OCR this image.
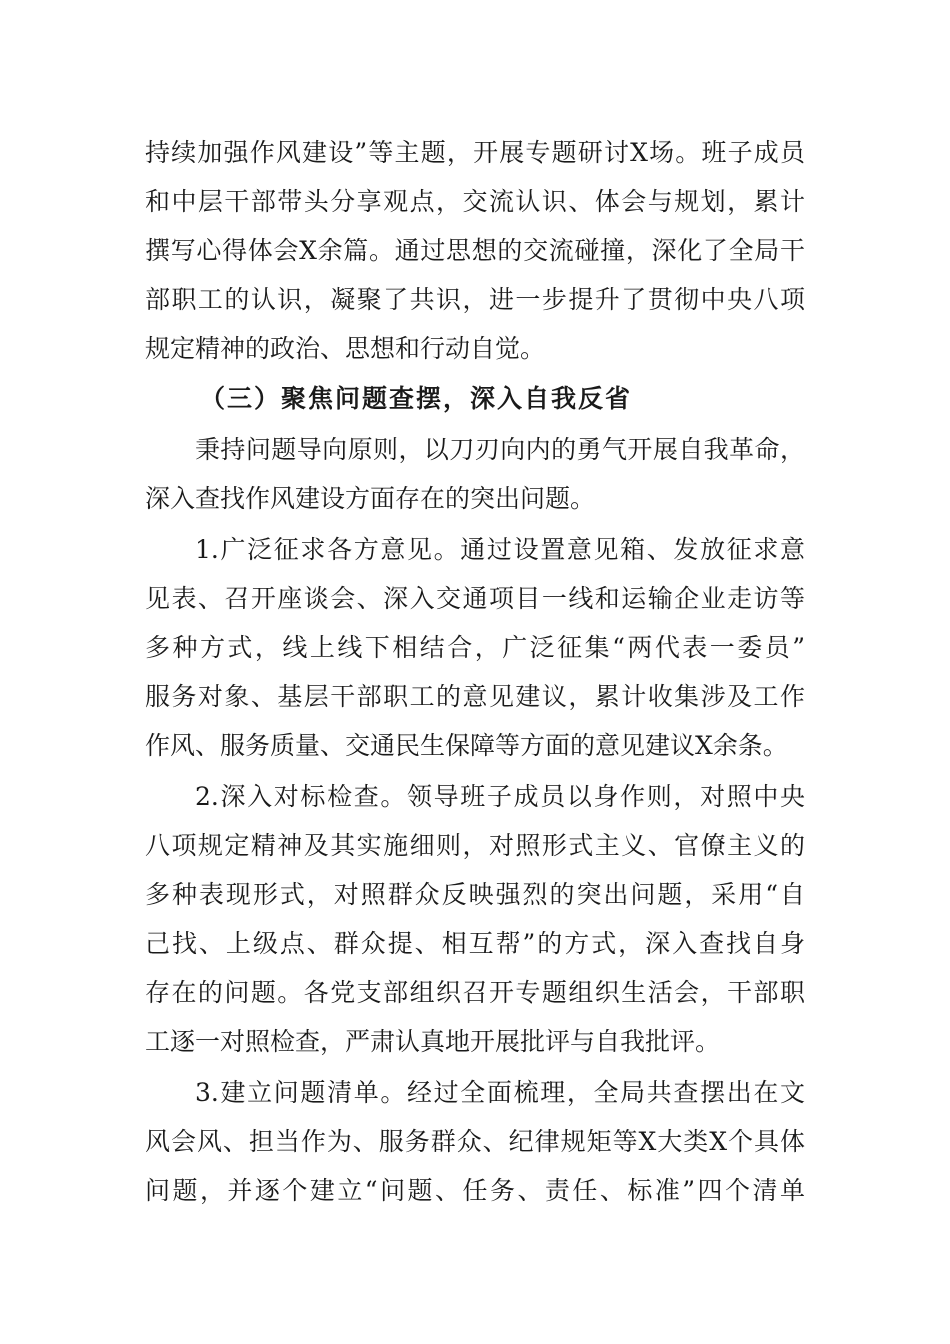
持续加强作风建设”等主题，开展专题研讨X场。班子成员
和中层干部带头分享观点，交流认识、体会与规划，累计
撰写心得体会X余篇。通过思想的交流碰撞，深化了全局干
部职工的认识，凝聚了共识，进一步提升了贯彻中央八项
规定精神的政治、思想和行动自觉。
（三）聚焦问题查摆，深入自我反省
秉持问题导向原则，以刀刃向内的勇气开展自我革命，
深入查找作风建设方面存在的突出问题。
1.广泛征求各方意见。通过设置意见箱、发放征求意
见表、召开座谈会、深入交通项目一线和运输企业走访等
多种方式，线上线下相结合，广泛征集“两代表一委员”
服务对象、基层干部职工的意见建议，累计收集涉及工作
作风、服务质量、交通民生保障等方面的意见建议X余条。
2.深入对标检查。领导班子成员以身作则，对照中央
八项规定精神及其实施细则，对照形式主义、官僚主义的
多种表现形式，对照群众反映强烈的突出问题，采用“自
己找、上级点、群众提、相互帮”的方式，深入查找自身
存在的问题。各党支部组织召开专题组织生活会，干部职
工逐一对照检查，严肃认真地开展批评与自我批评。
3.建立问题清单。经过全面梳理，全局共查摆出在文
风会风、担当作为、服务群众、纪律规矩等X大类X个具体
问题，并逐个建立“问题、任务、责任、标准”四个清单
